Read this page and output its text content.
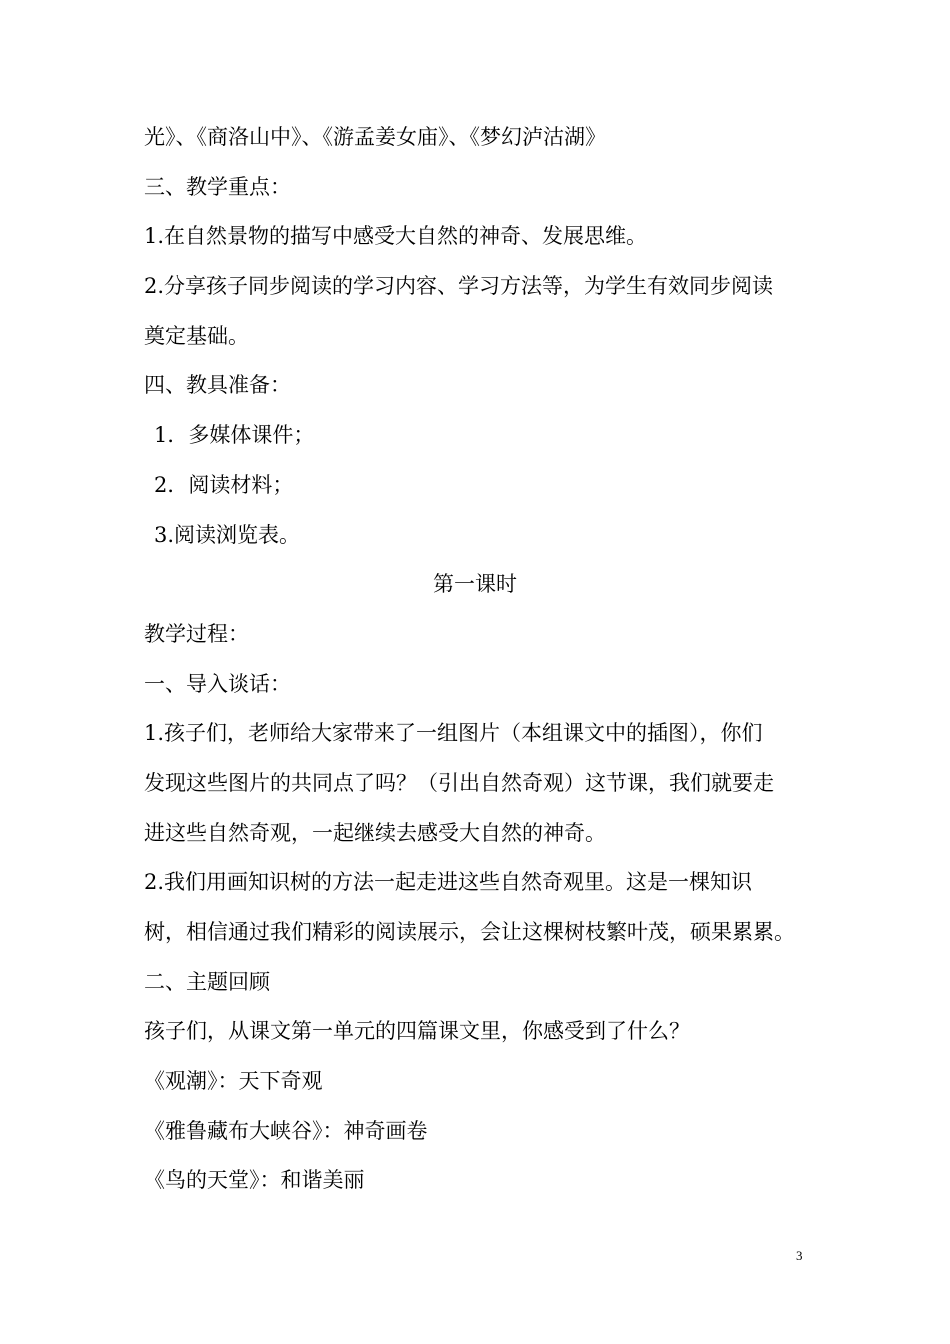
光》、《商洛山中》、《游孟姜女庙》、《梦幻泸沽湖》
三、教学重点：
1.在自然景物的描写中感受大自然的神奇、发展思维。
2.分享孩子同步阅读的学习内容、学习方法等，为学生有效同步阅读
奠定基础。
四、教具准备：
1．多媒体课件；
2．阅读材料；
3.阅读浏览表。
第一课时
教学过程：
一、导入谈话：
1.孩子们，老师给大家带来了一组图片（本组课文中的插图），你们
发现这些图片的共同点了吗？（引出自然奇观）这节课，我们就要走
进这些自然奇观，一起继续去感受大自然的神奇。
2.我们用画知识树的方法一起走进这些自然奇观里。这是一棵知识
树，相信通过我们精彩的阅读展示，会让这棵树枝繁叶茂，硕果累累。
二、主题回顾
孩子们，从课文第一单元的四篇课文里，你感受到了什么？
《观潮》：天下奇观
《雅鲁藏布大峡谷》：神奇画卷
《鸟的天堂》：和谐美丽
3
